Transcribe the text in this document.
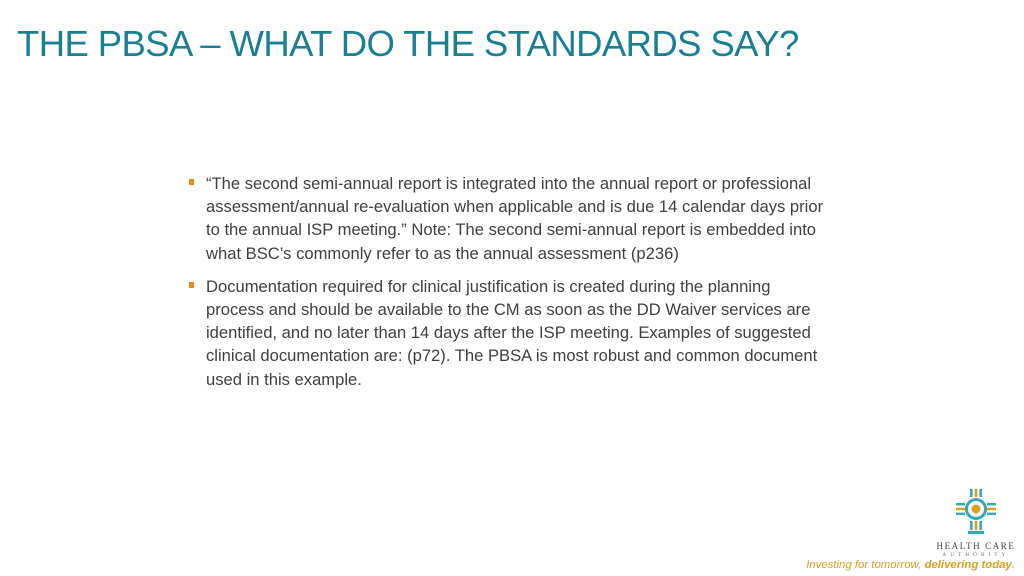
THE PBSA – WHAT DO THE STANDARDS SAY?
“The second semi-annual report is integrated into the annual report or professional assessment/annual re-evaluation when applicable and is due 14 calendar days prior to the annual ISP meeting.” Note: The second semi-annual report is embedded into what BSC’s commonly refer to as the annual assessment (p236)
Documentation required for clinical justification is created during the planning process and should be available to the CM as soon as the DD Waiver services are identified, and no later than 14 days after the ISP meeting. Examples of suggested clinical documentation are: (p72). The PBSA is most robust and common document used in this example.
HEALTH CARE
AUTHORITY
Investing for tomorrow, delivering today.
